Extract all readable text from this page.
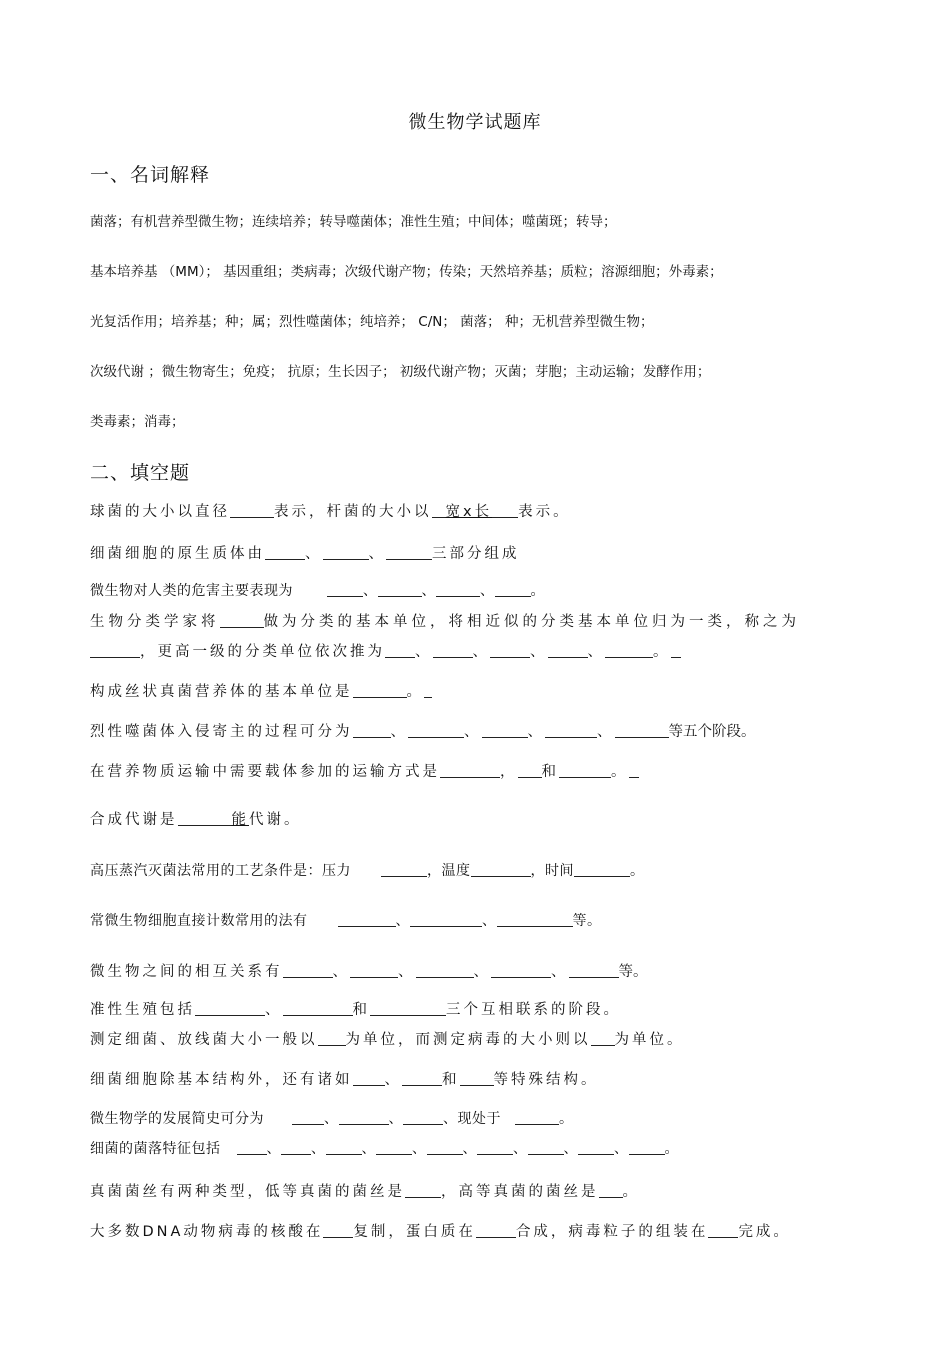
微生物学试题库
一、名词解释
菌落；有机营养型微生物；连续培养；转导噬菌体；准性生殖；中间体；噬菌斑；转导；
基本培养基 （MM）； 基因重组；类病毒；次级代谢产物；传染；天然培养基；质粒；溶源细胞；外毒素；
光复活作用；培养基；种；属；烈性噬菌体；纯培养； C/N； 菌落； 种；无机营养型微生物；
次级代谢 ；微生物寄生；免疫； 抗原；生长因子； 初级代谢产物；灭菌；芽胞；主动运输；发酵作用；
类毒素；消毒；
二、填空题
球菌的大小以直径	表示，杆菌的大小以 宽x长 表示。
细菌细胞的原生质体由	、	、	三部分组成
微生物对人类的危害主要表现为	、	、	、	。
生物分类学家将	做为分类的基本单位，将相近似的分类基本单位归为一类，称之为
，更高一级的分类单位依次推为 、	、	、	、	。
构成丝状真菌营养体的基本单位是	。
烈性噬菌体入侵寄主的过程可分为	、	、	、	、	等五个阶段。
在营养物质运输中需要载体参加的运输方式是	， 和	。
合成代谢是	能代谢。
高压蒸汽灭菌法常用的工艺条件是：压力	，温度	，时间	。
常微生物细胞直接计数常用的法有	、	、	等。
微生物之间的相互关系有	、	、	、	、	等。
准性生殖包括	、	和	三个互相联系的阶段。
测定细菌、放线菌大小一般以 为单位，而测定病毒的大小则以 为单位。
细菌细胞除基本结构外，还有诸如 、	和 等特殊结构。
微生物学的发展简史可分为	、	、	、现处于	。
细菌的菌落特征包括	、 、	、	、	、	、	、	、	。
真菌菌丝有两种类型，低等真菌的菌丝是 ，高等真菌的菌丝是 。
大多数DNA动物病毒的核酸在 复制，蛋白质在	合成，病毒粒子的组装在 完成。
